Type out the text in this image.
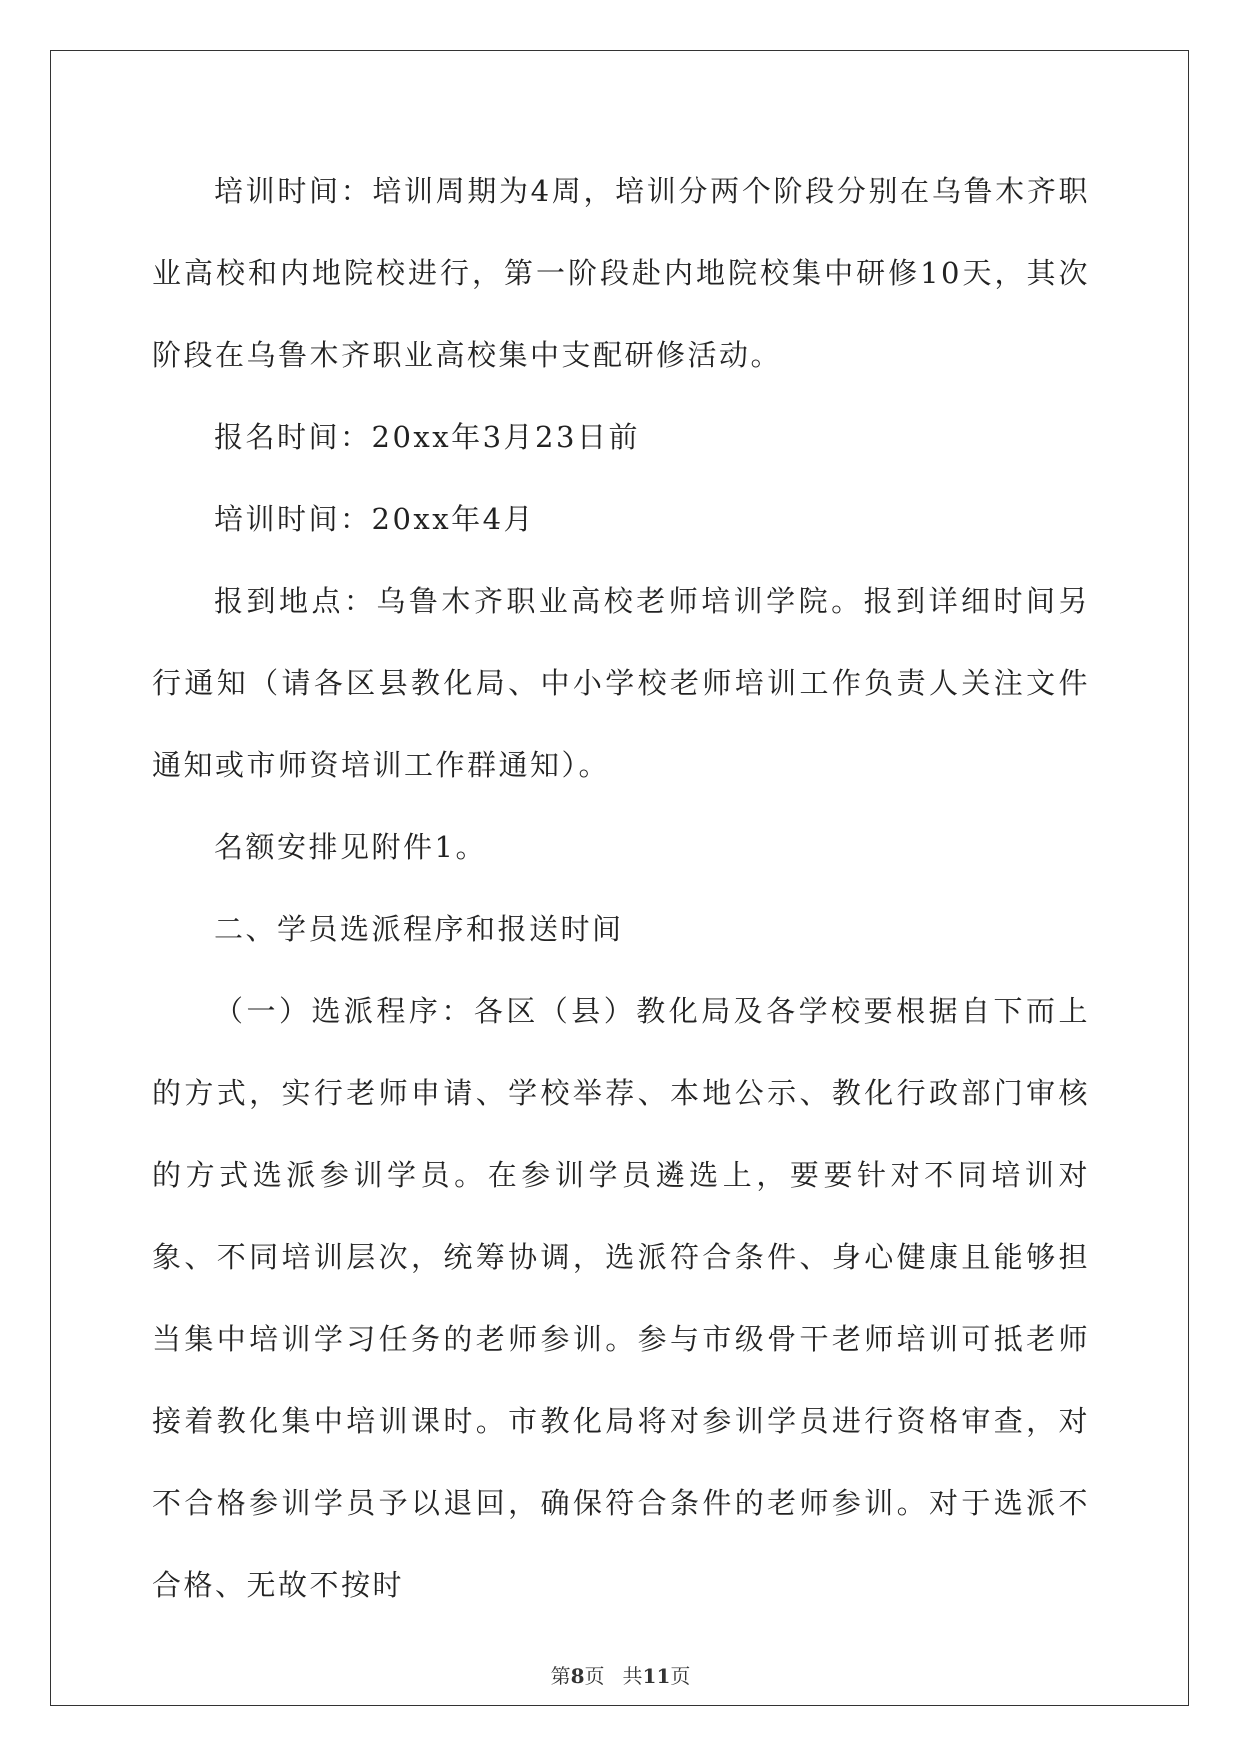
培训时间：培训周期为4周，培训分两个阶段分别在乌鲁木齐职业高校和内地院校进行，第一阶段赴内地院校集中研修10天，其次阶段在乌鲁木齐职业高校集中支配研修活动。

报名时间：20xx年3月23日前

培训时间：20xx年4月

报到地点：乌鲁木齐职业高校老师培训学院。报到详细时间另行通知（请各区县教化局、中小学校老师培训工作负责人关注文件通知或市师资培训工作群通知）。

名额安排见附件1。

二、学员选派程序和报送时间

（一）选派程序：各区（县）教化局及各学校要根据自下而上的方式，实行老师申请、学校举荐、本地公示、教化行政部门审核的方式选派参训学员。在参训学员遴选上，要要针对不同培训对象、不同培训层次，统筹协调，选派符合条件、身心健康且能够担当集中培训学习任务的老师参训。参与市级骨干老师培训可抵老师接着教化集中培训课时。市教化局将对参训学员进行资格审查，对不合格参训学员予以退回，确保符合条件的老师参训。对于选派不合格、无故不按时

第8页 共11页
